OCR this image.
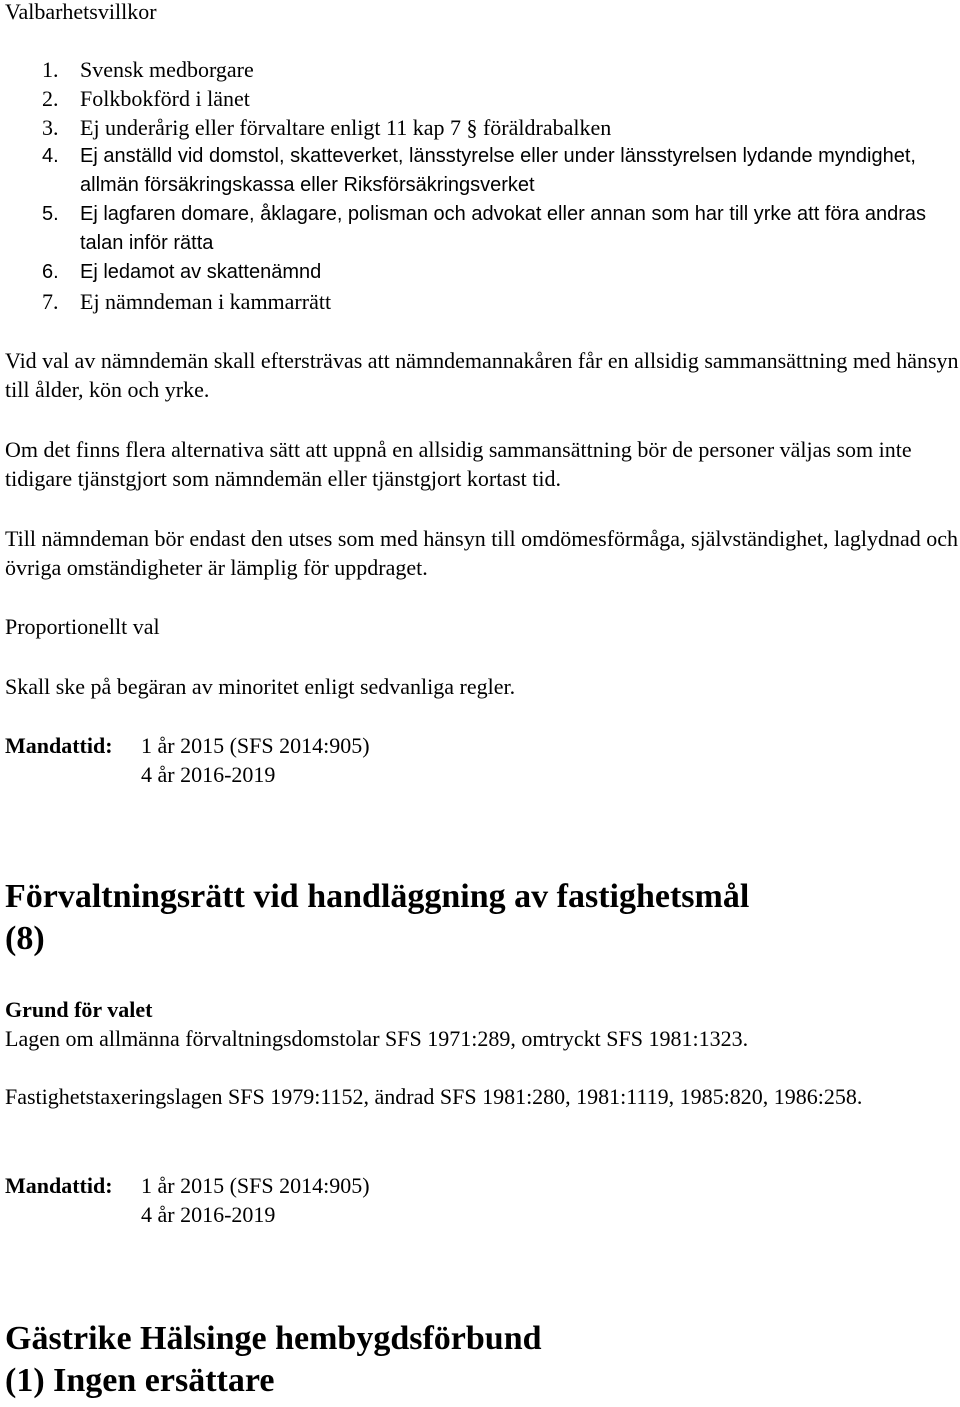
Valbarhetsvillkor
1. Svensk medborgare
2. Folkbokförd i länet
3. Ej underårig eller förvaltare enligt 11 kap 7 § föräldrabalken
4. Ej anställd vid domstol, skatteverket, länsstyrelse eller under länsstyrelsen lydande myndighet, allmän försäkringskassa eller Riksförsäkringsverket
5. Ej lagfaren domare, åklagare, polisman och advokat eller annan som har till yrke att föra andras talan inför rätta
6. Ej ledamot av skattenämnd
7. Ej nämndeman i kammarrätt
Vid val av nämndemän skall eftersträvas att nämndemannakåren får en allsidig sammansättning med hänsyn till ålder, kön och yrke.
Om det finns flera alternativa sätt att uppnå en allsidig sammansättning bör de personer väljas som inte tidigare tjänstgjort som nämndemän eller tjänstgjort kortast tid.
Till nämndeman bör endast den utses som med hänsyn till omdömesförmåga, självständighet, laglydnad och övriga omständigheter är lämplig för uppdraget.
Proportionellt val
Skall ske på begäran av minoritet enligt sedvanliga regler.
Mandattid: 1 år 2015 (SFS 2014:905)
4 år 2016-2019
Förvaltningsrätt vid handläggning av fastighetsmål
(8)
Grund för valet
Lagen om allmänna förvaltningsdomstolar SFS 1971:289, omtryckt SFS 1981:1323.
Fastighetstaxeringslagen SFS 1979:1152, ändrad SFS 1981:280, 1981:1119, 1985:820, 1986:258.
Mandattid: 1 år 2015 (SFS 2014:905)
4 år 2016-2019
Gästrike Hälsinge hembygdsförbund
(1) Ingen ersättare
